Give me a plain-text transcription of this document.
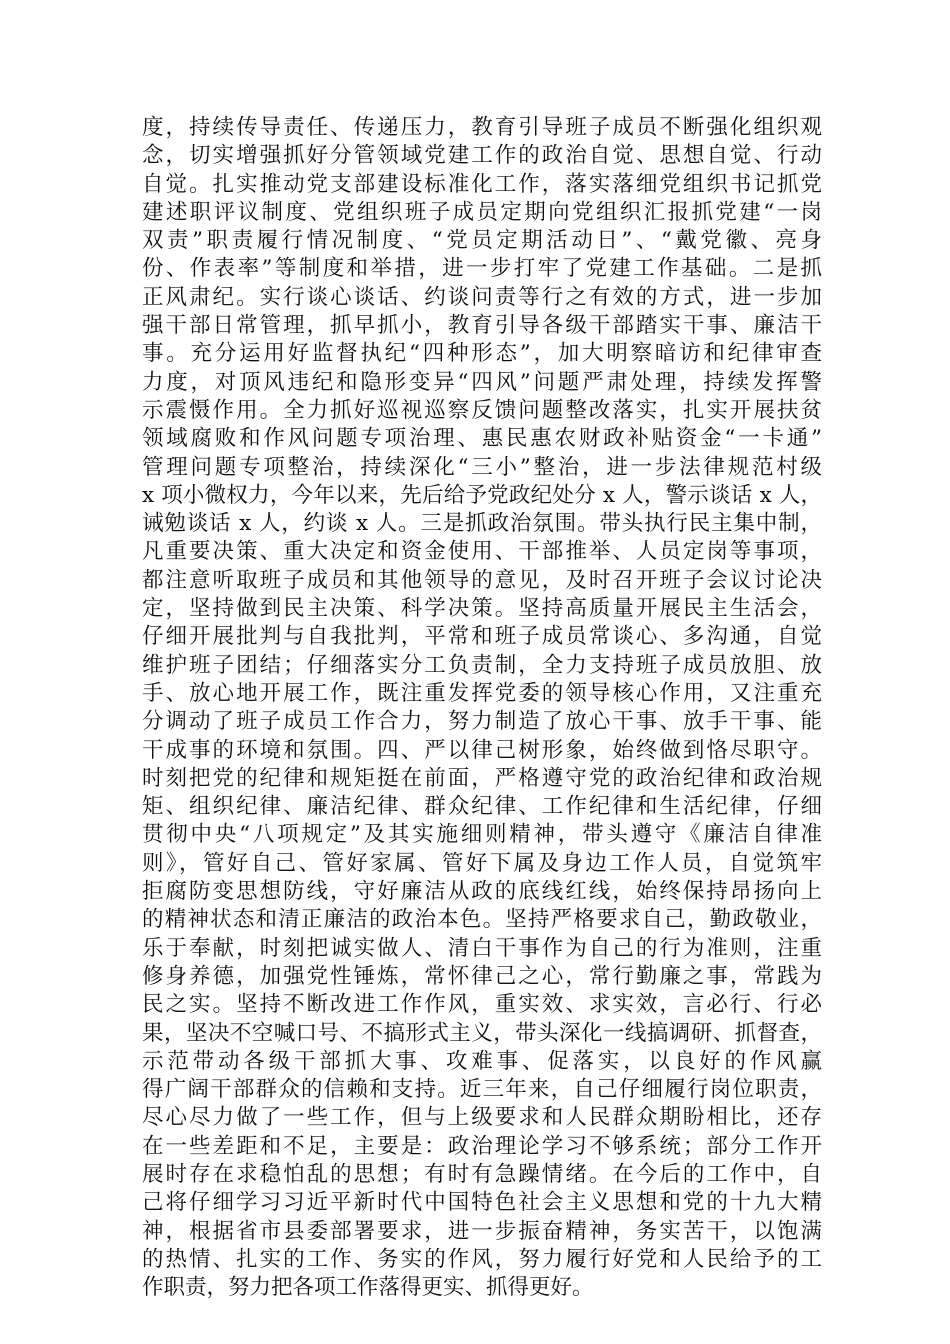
度，持续传导责任、传递压力，教育引导班子成员不断强化组织观
念，切实增强抓好分管领域党建工作的政治自觉、思想自觉、行动
自觉。扎实推动党支部建设标准化工作，落实落细党组织书记抓党
建述职评议制度、党组织班子成员定期向党组织汇报抓党建“一岗
双责”职责履行情况制度、“党员定期活动日”、“戴党徽、亮身
份、作表率”等制度和举措，进一步打牢了党建工作基础。二是抓
正风肃纪。实行谈心谈话、约谈问责等行之有效的方式，进一步加
强干部日常管理，抓早抓小，教育引导各级干部踏实干事、廉洁干
事。充分运用好监督执纪“四种形态”，加大明察暗访和纪律审查
力度，对顶风违纪和隐形变异“四风”问题严肃处理，持续发挥警
示震慑作用。全力抓好巡视巡察反馈问题整改落实，扎实开展扶贫
领域腐败和作风问题专项治理、惠民惠农财政补贴资金“一卡通”
管理问题专项整治，持续深化“三小”整治，进一步法律规范村级
x 项小微权力，今年以来，先后给予党政纪处分 x 人，警示谈话 x 人，
诫勉谈话 x 人，约谈 x 人。三是抓政治氛围。带头执行民主集中制，
凡重要决策、重大决定和资金使用、干部推举、人员定岗等事项，
都注意听取班子成员和其他领导的意见，及时召开班子会议讨论决
定，坚持做到民主决策、科学决策。坚持高质量开展民主生活会，
仔细开展批判与自我批判，平常和班子成员常谈心、多沟通，自觉
维护班子团结；仔细落实分工负责制，全力支持班子成员放胆、放
手、放心地开展工作，既注重发挥党委的领导核心作用，又注重充
分调动了班子成员工作合力，努力制造了放心干事、放手干事、能
干成事的环境和氛围。四、严以律己树形象，始终做到恪尽职守。
时刻把党的纪律和规矩挺在前面，严格遵守党的政治纪律和政治规
矩、组织纪律、廉洁纪律、群众纪律、工作纪律和生活纪律，仔细
贯彻中央“八项规定”及其实施细则精神，带头遵守《廉洁自律准
则》，管好自己、管好家属、管好下属及身边工作人员，自觉筑牢
拒腐防变思想防线，守好廉洁从政的底线红线，始终保持昂扬向上
的精神状态和清正廉洁的政治本色。坚持严格要求自己，勤政敬业，
乐于奉献，时刻把诚实做人、清白干事作为自己的行为准则，注重
修身养德，加强党性锤炼，常怀律己之心，常行勤廉之事，常践为
民之实。坚持不断改进工作作风，重实效、求实效，言必行、行必
果，坚决不空喊口号、不搞形式主义，带头深化一线搞调研、抓督查，
示范带动各级干部抓大事、攻难事、促落实，以良好的作风赢
得广阔干部群众的信赖和支持。近三年来，自己仔细履行岗位职责，
尽心尽力做了一些工作，但与上级要求和人民群众期盼相比，还存
在一些差距和不足，主要是：政治理论学习不够系统；部分工作开
展时存在求稳怕乱的思想；有时有急躁情绪。在今后的工作中，自
己将仔细学习习近平新时代中国特色社会主义思想和党的十九大精
神，根据省市县委部署要求，进一步振奋精神，务实苦干，以饱满
的热情、扎实的工作、务实的作风，努力履行好党和人民给予的工
作职责，努力把各项工作落得更实、抓得更好。
